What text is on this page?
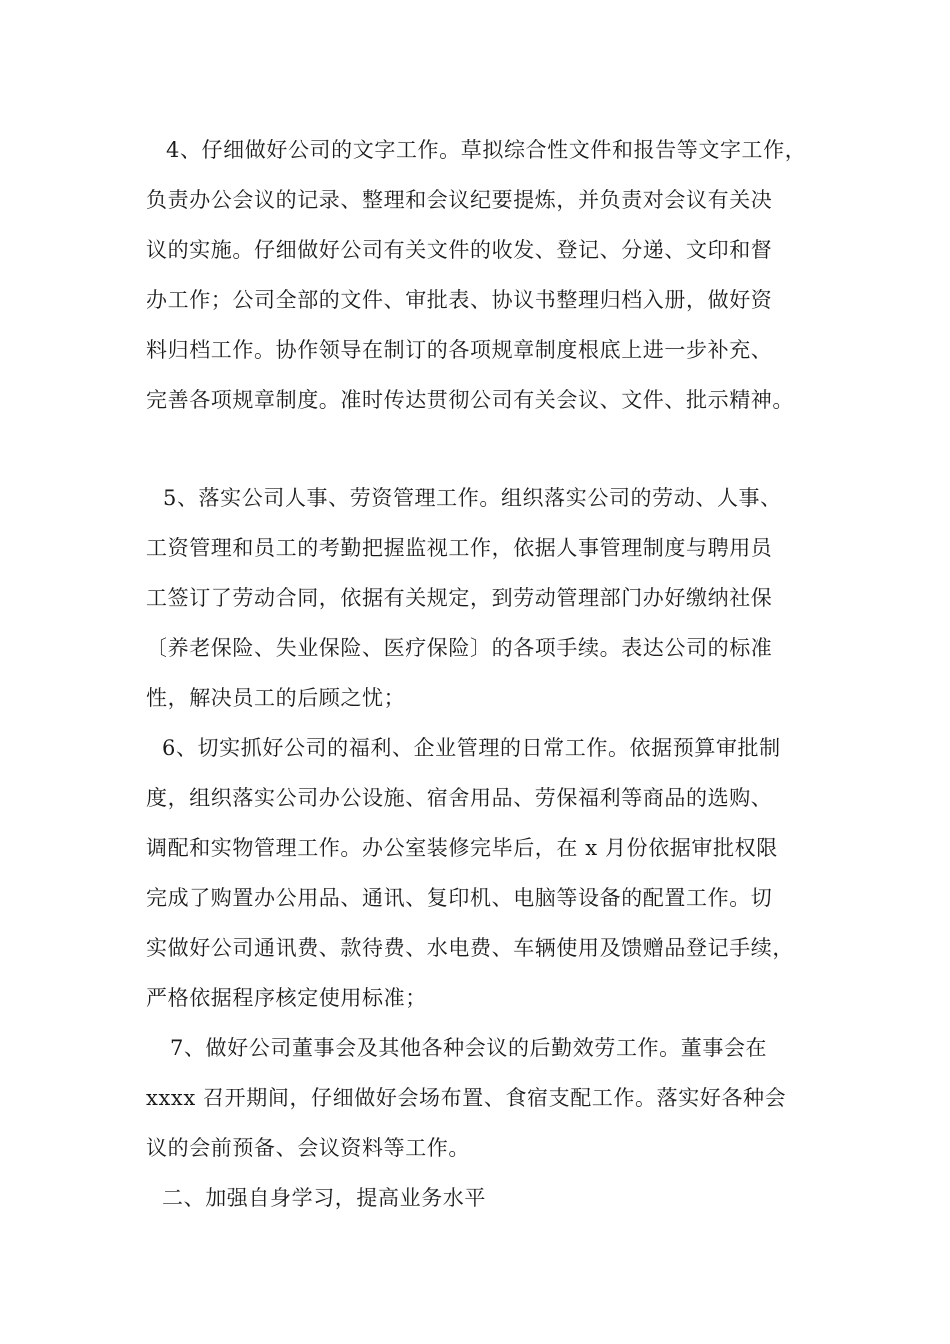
4、仔细做好公司的文字工作。草拟综合性文件和报告等文字工作，
负责办公会议的记录、整理和会议纪要提炼，并负责对会议有关决
议的实施。仔细做好公司有关文件的收发、登记、分递、文印和督
办工作；公司全部的文件、审批表、协议书整理归档入册，做好资
料归档工作。协作领导在制订的各项规章制度根底上进一步补充、
完善各项规章制度。准时传达贯彻公司有关会议、文件、批示精神。
5、落实公司人事、劳资管理工作。组织落实公司的劳动、人事、
工资管理和员工的考勤把握监视工作，依据人事管理制度与聘用员
工签订了劳动合同，依据有关规定，到劳动管理部门办好缴纳社保
〔养老保险、失业保险、医疗保险〕的各项手续。表达公司的标准
性，解决员工的后顾之忧；
6、切实抓好公司的福利、企业管理的日常工作。依据预算审批制
度，组织落实公司办公设施、宿舍用品、劳保福利等商品的选购、
调配和实物管理工作。办公室装修完毕后，在 x 月份依据审批权限
完成了购置办公用品、通讯、复印机、电脑等设备的配置工作。切
实做好公司通讯费、款待费、水电费、车辆使用及馈赠品登记手续，
严格依据程序核定使用标准；
7、做好公司董事会及其他各种会议的后勤效劳工作。董事会在
xxxx 召开期间，仔细做好会场布置、食宿支配工作。落实好各种会
议的会前预备、会议资料等工作。
二、加强自身学习，提高业务水平
